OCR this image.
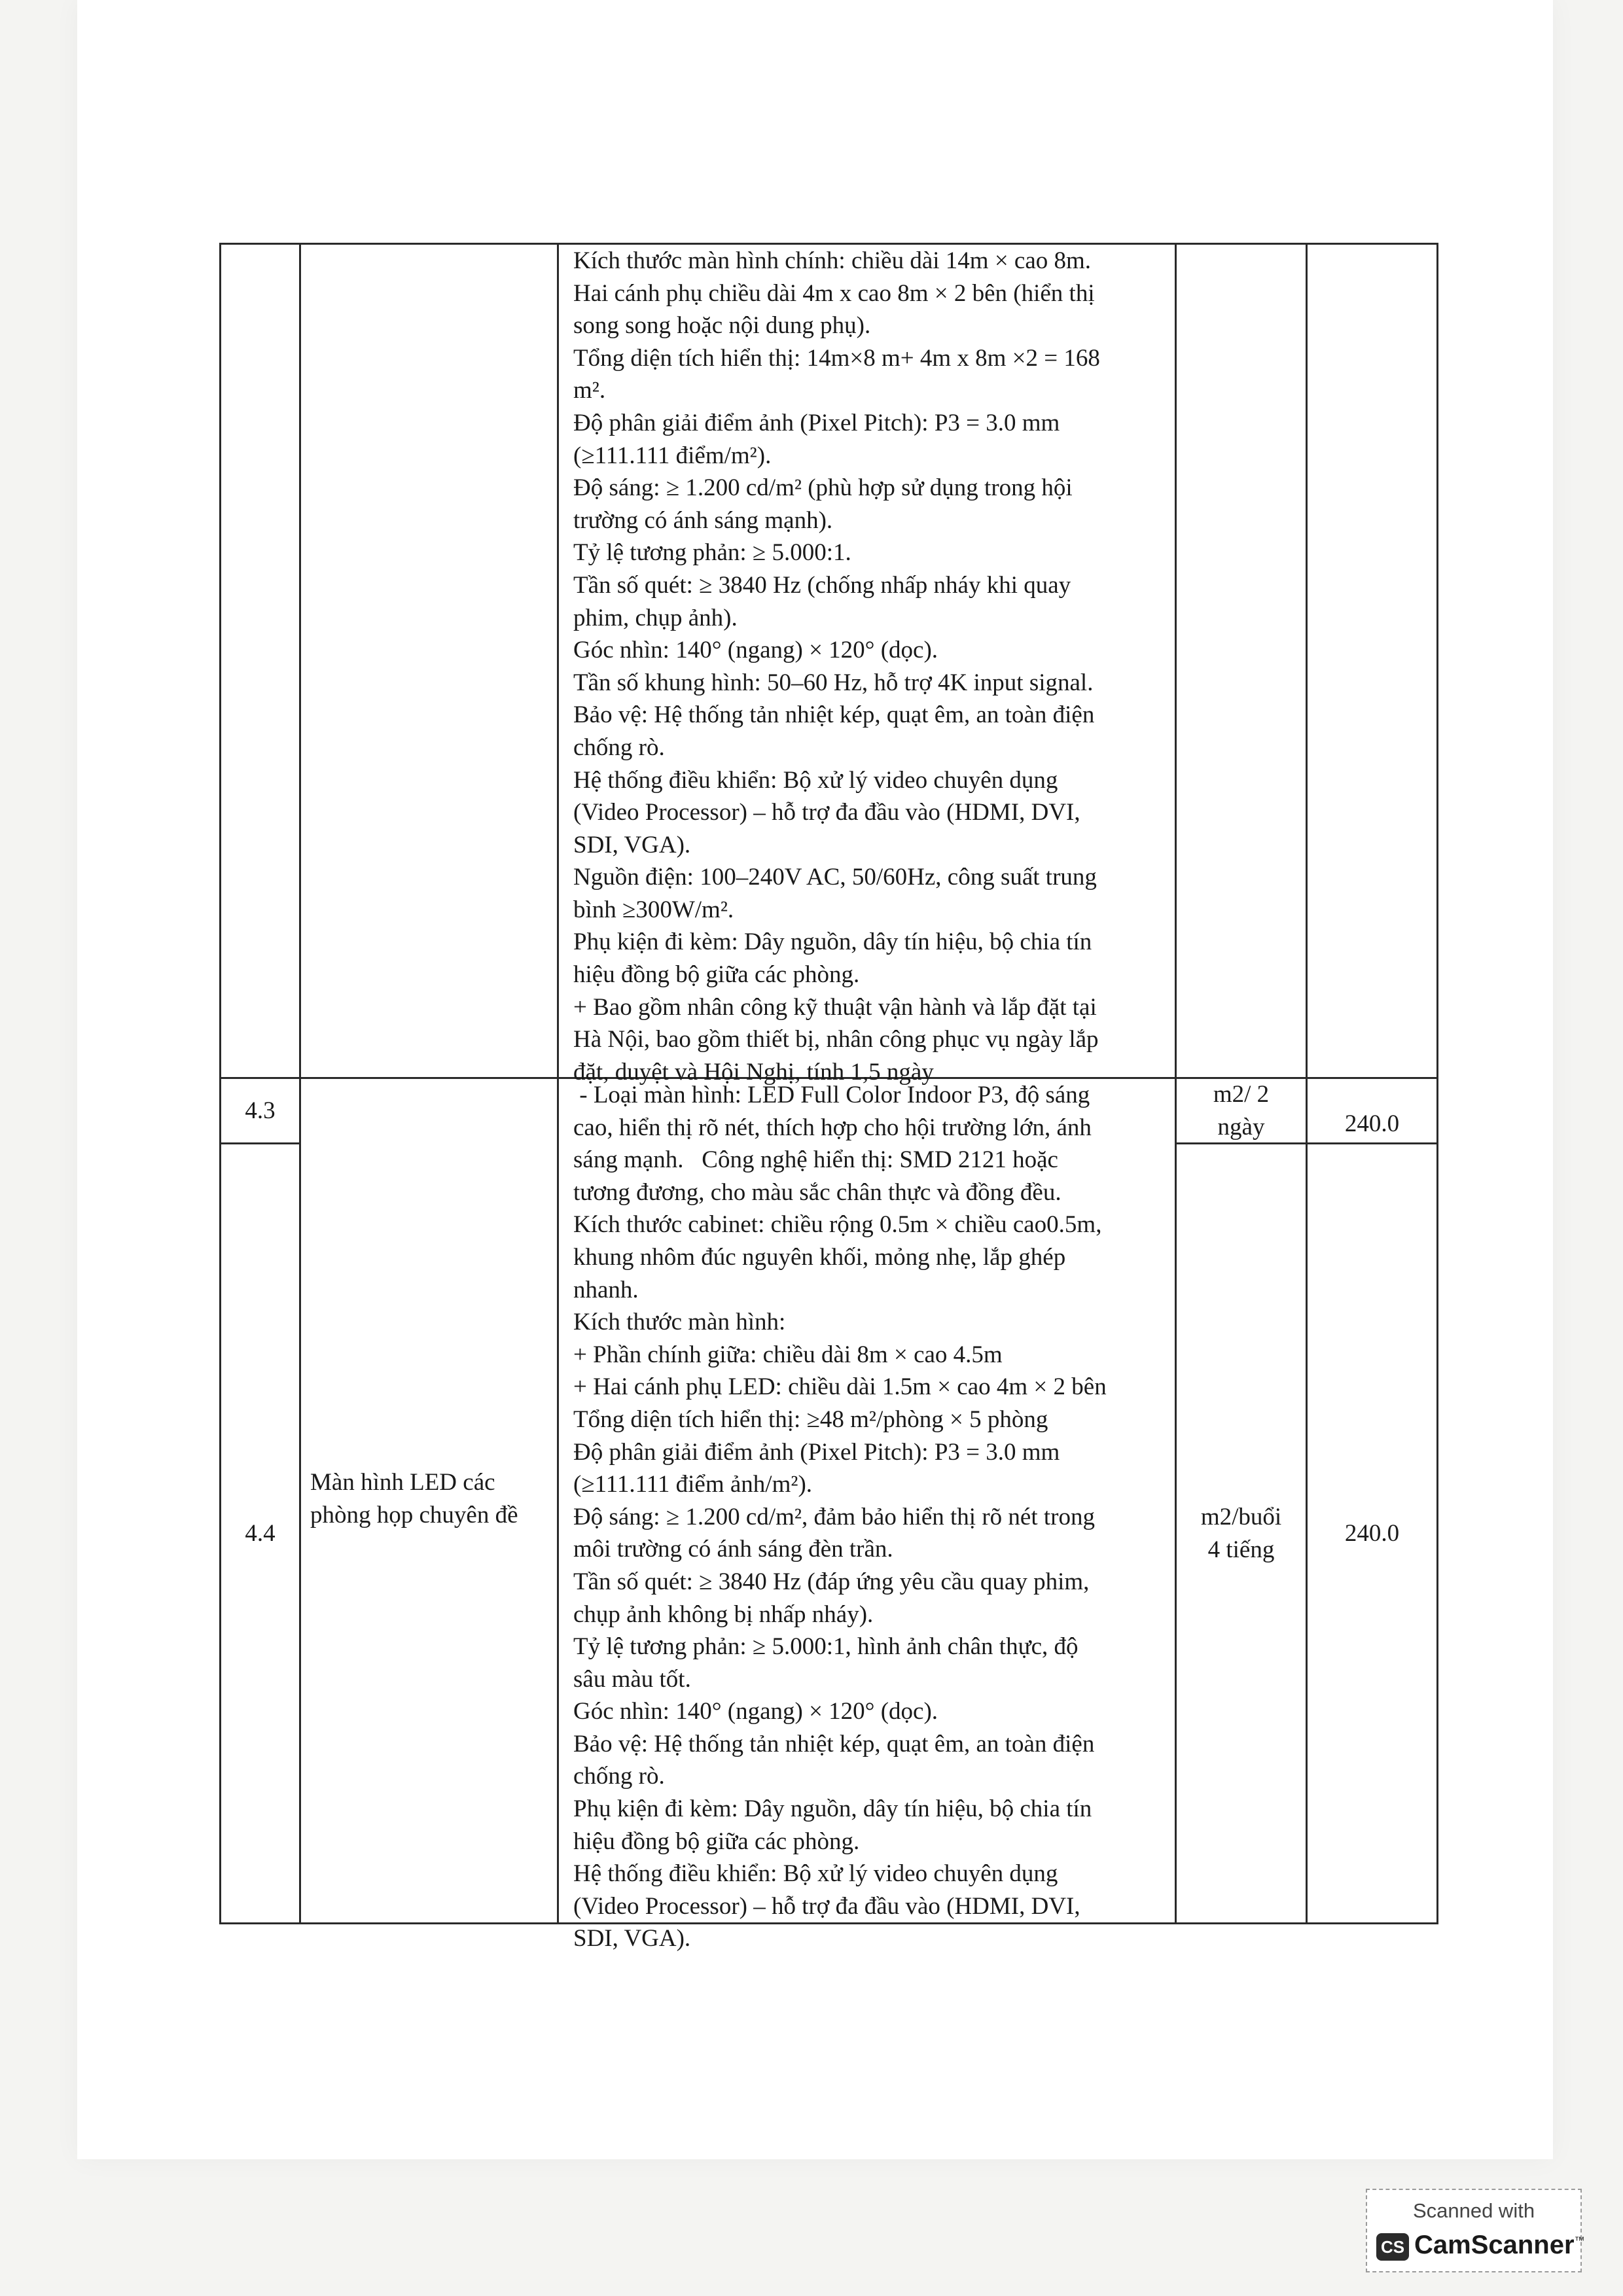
Kích thước màn hình chính: chiều dài 14m × cao 8m.
Hai cánh phụ chiều dài 4m x cao 8m × 2 bên (hiển thị
song song hoặc nội dung phụ).
Tổng diện tích hiển thị: 14m×8 m+ 4m x 8m ×2 = 168
m².
Độ phân giải điểm ảnh (Pixel Pitch): P3 = 3.0 mm
(≥111.111 điểm/m²).
Độ sáng: ≥ 1.200 cd/m² (phù hợp sử dụng trong hội
trường có ánh sáng mạnh).
Tỷ lệ tương phản: ≥ 5.000:1.
Tần số quét: ≥ 3840 Hz (chống nhấp nháy khi quay
phim, chụp ảnh).
Góc nhìn: 140° (ngang) × 120° (dọc).
Tần số khung hình: 50–60 Hz, hỗ trợ 4K input signal.
Bảo vệ: Hệ thống tản nhiệt kép, quạt êm, an toàn điện
chống rò.
Hệ thống điều khiển: Bộ xử lý video chuyên dụng
(Video Processor) – hỗ trợ đa đầu vào (HDMI, DVI,
SDI, VGA).
Nguồn điện: 100–240V AC, 50/60Hz, công suất trung
bình ≥300W/m².
Phụ kiện đi kèm: Dây nguồn, dây tín hiệu, bộ chia tín
hiệu đồng bộ giữa các phòng.
+ Bao gồm nhân công kỹ thuật vận hành và lắp đặt tại
Hà Nội, bao gồm thiết bị, nhân công phục vụ ngày lắp
đặt, duyệt và Hội Nghị, tính 1,5 ngày
4.3
m2/ 2
ngày	240.0
- Loại màn hình: LED Full Color Indoor P3, độ sáng
cao, hiển thị rõ nét, thích hợp cho hội trường lớn, ánh
sáng mạnh.   Công nghệ hiển thị: SMD 2121 hoặc
tương đương, cho màu sắc chân thực và đồng đều.
Kích thước cabinet: chiều rộng 0.5m × chiều cao0.5m,
khung nhôm đúc nguyên khối, mỏng nhẹ, lắp ghép
nhanh.
Kích thước màn hình:
+ Phần chính giữa: chiều dài 8m × cao 4.5m
+ Hai cánh phụ LED: chiều dài 1.5m × cao 4m × 2 bên
Tổng diện tích hiển thị: ≥48 m²/phòng × 5 phòng
Độ phân giải điểm ảnh (Pixel Pitch): P3 = 3.0 mm
(≥111.111 điểm ảnh/m²).
Độ sáng: ≥ 1.200 cd/m², đảm bảo hiển thị rõ nét trong
môi trường có ánh sáng đèn trần.
Tần số quét: ≥ 3840 Hz (đáp ứng yêu cầu quay phim,
chụp ảnh không bị nhấp nháy).
Tỷ lệ tương phản: ≥ 5.000:1, hình ảnh chân thực, độ
sâu màu tốt.
Góc nhìn: 140° (ngang) × 120° (dọc).
Bảo vệ: Hệ thống tản nhiệt kép, quạt êm, an toàn điện
chống rò.
Phụ kiện đi kèm: Dây nguồn, dây tín hiệu, bộ chia tín
hiệu đồng bộ giữa các phòng.
Hệ thống điều khiển: Bộ xử lý video chuyên dụng
(Video Processor) – hỗ trợ đa đầu vào (HDMI, DVI,
SDI, VGA).
4.4
Màn hình LED các
phòng họp chuyên đề	m2/buổi
4 tiếng
240.0
Scanned with
CS CamScanner™
